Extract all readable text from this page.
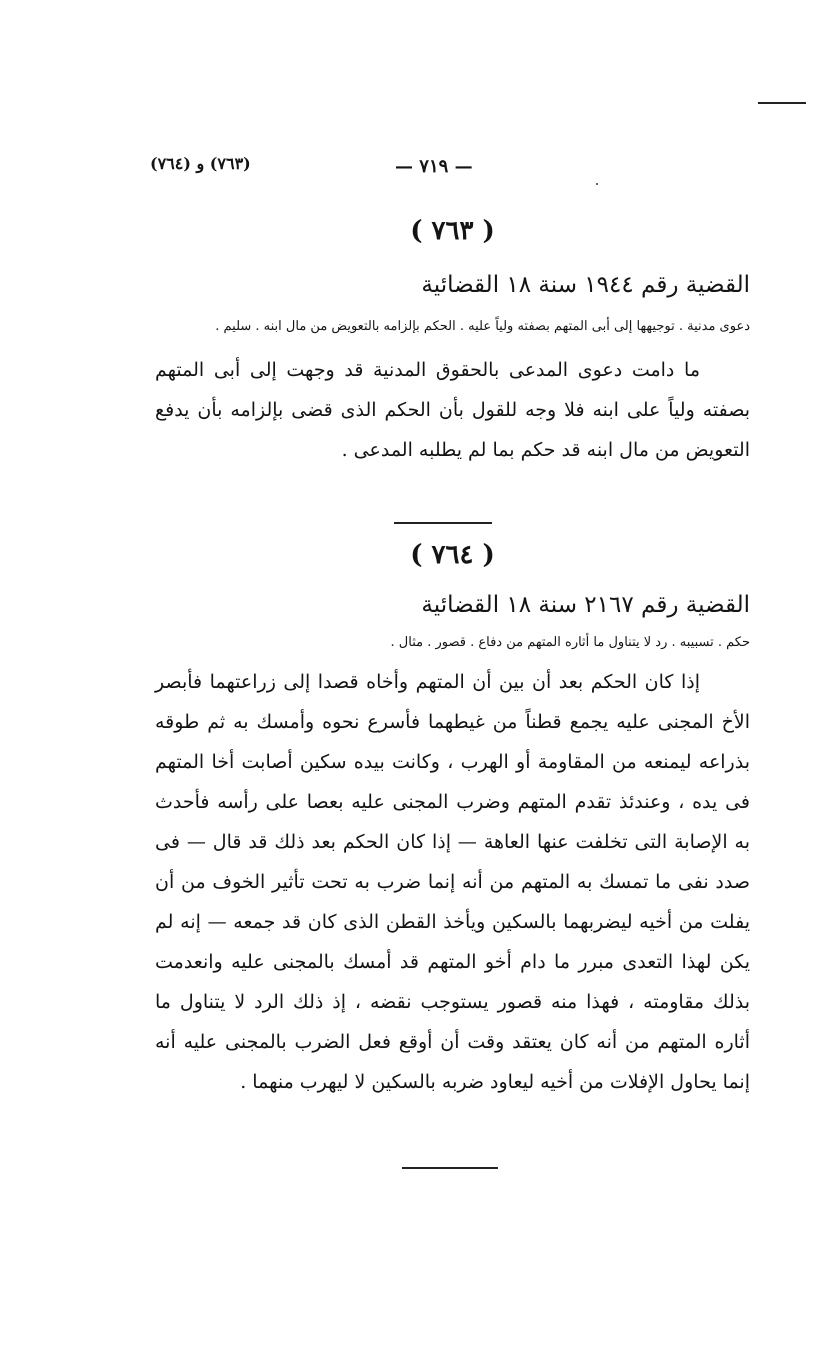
(٧٦٣) و (٧٦٤)	— ٧١٩ —
( ٧٦٣ )
القضية رقم ١٩٤٤ سنة ١٨ القضائية
دعوى مدنية . توجيهها إلى أبى المتهم بصفته ولياً عليه . الحكم بإلزامه بالتعويض من مال ابنه . سليم .
ما دامت دعوى المدعى بالحقوق المدنية قد وجهت إلى أبى المتهم بصفته ولياً على ابنه فلا وجه للقول بأن الحكم الذى قضى بإلزامه بأن يدفع التعويض من مال ابنه قد حكم بما لم يطلبه المدعى .
( ٧٦٤ )
القضية رقم ٢١٦٧ سنة ١٨ القضائية
حكم . تسبيبه . رد لا يتناول ما أثاره المتهم من دفاع . قصور . مثال .
إذا كان الحكم بعد أن بين أن المتهم وأخاه قصدا إلى زراعتهما فأبصر الأخ المجنى عليه يجمع قطناً من غيطهما فأسرع نحوه وأمسك به ثم طوقه بذراعه ليمنعه من المقاومة أو الهرب ، وكانت بيده سكين أصابت أخا المتهم فى يده ، وعندئذ تقدم المتهم وضرب المجنى عليه بعصا على رأسه فأحدث به الإصابة التى تخلفت عنها العاهة — إذا كان الحكم بعد ذلك قد قال — فى صدد نفى ما تمسك به المتهم من أنه إنما ضرب به تحت تأثير الخوف من أن يفلت من أخيه ليضربهما بالسكين ويأخذ القطن الذى كان قد جمعه — إنه لم يكن لهذا التعدى مبرر ما دام أخو المتهم قد أمسك بالمجنى عليه وانعدمت بذلك مقاومته ، فهذا منه قصور يستوجب نقضه ، إذ ذلك الرد لا يتناول ما أثاره المتهم من أنه كان يعتقد وقت أن أوقع فعل الضرب بالمجنى عليه أنه إنما يحاول الإفلات من أخيه ليعاود ضربه بالسكين لا ليهرب منهما .
